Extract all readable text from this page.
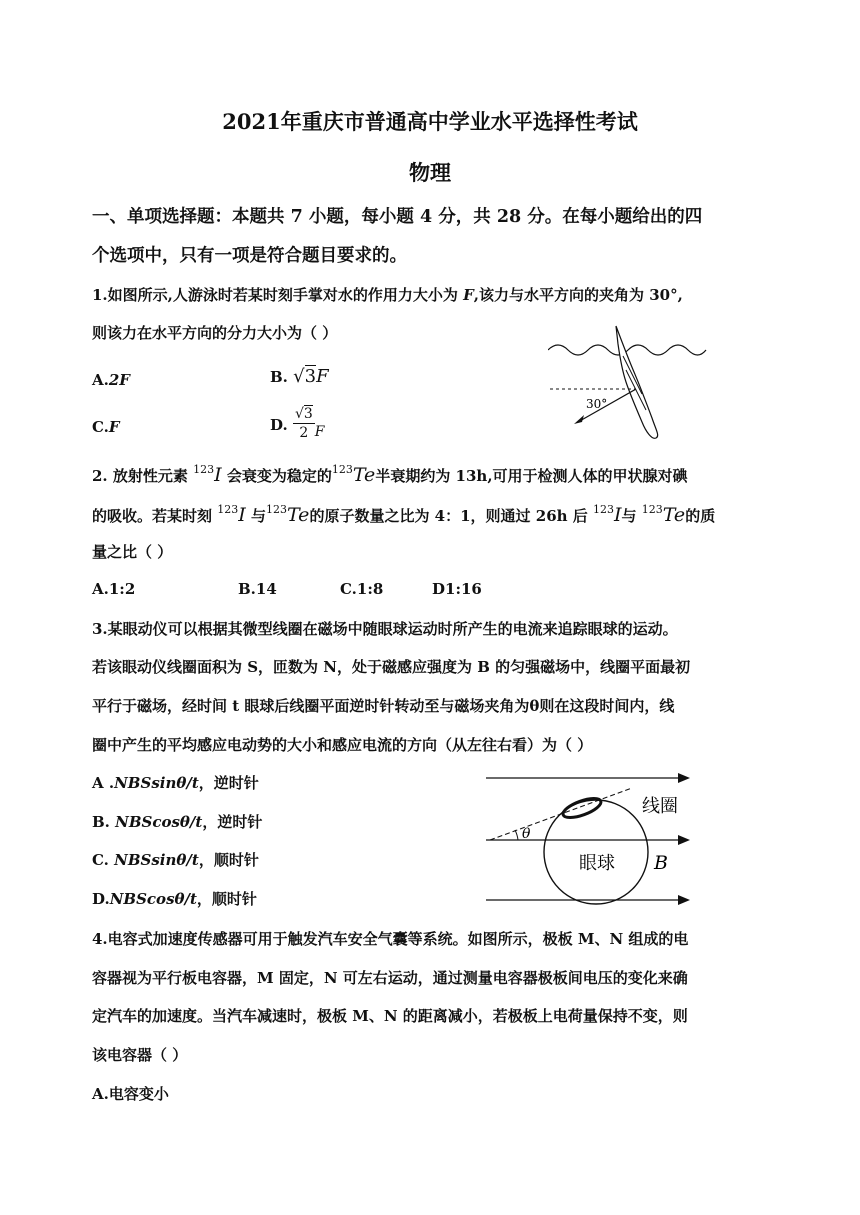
2021年重庆市普通高中学业水平选择性考试
物理
一、单项选择题：本题共 7 小题，每小题 4 分，共 28 分。在每小题给出的四
个选项中，只有一项是符合题目要求的。
1.如图所示,人游泳时若某时刻手掌对水的作用力大小为 F,该力与水平方向的夹角为 30°,
则该力在水平方向的分力大小为（ ）
A.2F	B. √3F
C.F	D. $\frac{√3}{2}$ F
30°
2. 放射性元素 $^{123}$I 会衰变为稳定的$^{123}$Te半衰期约为 13h,可用于检测人体的甲状腺对碘
的吸收。若某时刻 $^{123}$I 与$^{123}$Te的原子数量之比为 4：1，则通过 26h 后 $^{123}$I与 $^{123}$Te的质
量之比（ ）
A.1:2	B.14	C.1:8	D1:16
3.某眼动仪可以根据其微型线圈在磁场中随眼球运动时所产生的电流来追踪眼球的运动。
若该眼动仪线圈面积为 S，匝数为 N，处于磁感应强度为 B 的匀强磁场中，线圈平面最初
平行于磁场，经时间 t 眼球后线圈平面逆时针转动至与磁场夹角为θ则在这段时间内，线
圈中产生的平均感应电动势的大小和感应电流的方向（从左往右看）为（ ）
A .NBSsinθ/t，逆时针
B. NBScosθ/t，逆时针
C. NBSsinθ/t，顺时针
D.NBScosθ/t，顺时针
θ
线圈
眼球 B
4.电容式加速度传感器可用于触发汽车安全气囊等系统。如图所示，极板 M、N 组成的电
容器视为平行板电容器，M 固定，N 可左右运动，通过测量电容器极板间电压的变化来确
定汽车的加速度。当汽车减速时，极板 M、N 的距离减小，若极板上电荷量保持不变，则
该电容器（ ）
A.电容变小
